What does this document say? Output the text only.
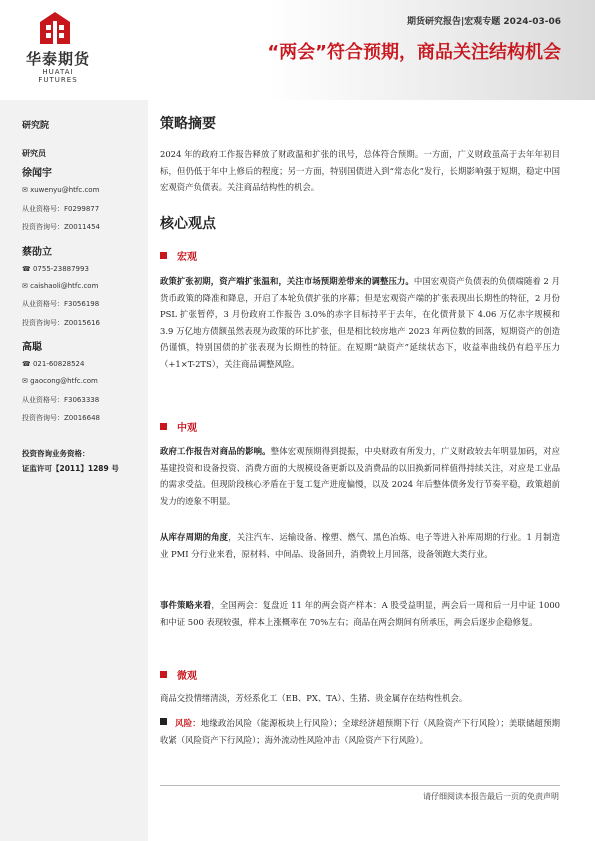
华泰期货
HUATAI FUTURES
期货研究报告|宏观专题 2024-03-06
“两会”符合预期，商品关注结构机会
研究院
研究员
徐闻宇
✉ xuwenyu@htfc.com
从业资格号：F0299877
投资咨询号：Z0011454
蔡劭立
☎ 0755-23887993
✉ caishaoli@htfc.com
从业资格号：F3056198
投资咨询号：Z0015616
高聪
☎ 021-60828524
✉ gaocong@htfc.com
从业资格号：F3063338
投资咨询号：Z0016648
投资咨询业务资格：
证监许可【2011】1289 号
策略摘要

2024 年的政府工作报告释放了财政温和扩张的讯号，总体符合预期。一方面，广义财政虽高于去年年初目标，但仍低于年中上修后的程度；另一方面，特别国债进入到“常态化”发行，长期影响强于短期，稳定中国宏观资产负债表。关注商品结构性的机会。

核心观点
宏观

政策扩张初期，资产端扩张温和，关注市场预期差带来的调整压力。中国宏观资产负债表的负债端随着 2 月货币政策的降准和降息，开启了本轮负债扩张的序幕；但是宏观资产端的扩张表现出长期性的特征，2 月份 PSL 扩张暂停，3 月份政府工作报告 3.0%的赤字目标持平于去年，在化债背景下 4.06 万亿赤字规模和 3.9 万亿地方债额虽然表现为政策的环比扩张，但是相比较房地产 2023 年两位数的回落，短期资产的创造仍谨慎，特别国债的扩张表现为长期性的特征。在短期“缺资产”延续状态下，收益率曲线仍有趋平压力（+1×T-2TS），关注商品调整风险。

中观

政府工作报告对商品的影响。整体宏观预期得到提振，中央财政有所发力，广义财政较去年明显加码，对应基建投资和设备投资、消费方面的大规模设备更新以及消费品的以旧换新同样值得持续关注，对应是工业品的需求受益。但现阶段核心矛盾在于复工复产进度偏慢，以及 2024 年后整体债务发行节奏平稳，政策超前发力的迹象不明显。

从库存周期的角度，关注汽车、运输设备、橡塑、燃气、黑色冶炼、电子等进入补库周期的行业。1 月制造业 PMI 分行业来看，原材料、中间品、设备回升，消费较上月回落，设备领跑大类行业。

事件策略来看，全国两会：复盘近 11 年的两会资产样本：A 股受益明显，两会后一周和后一月中证 1000 和中证 500 表现较强，样本上涨概率在 70%左右；商品在两会期间有所承压，两会后逐步企稳修复。

微观

商品交投情绪清淡，芳烃系化工（EB、PX、TA）、生猪、贵金属存在结构性机会。

风险：地缘政治风险（能源板块上行风险）；全球经济超预期下行（风险资产下行风险）；美联储超预期收紧（风险资产下行风险）；海外流动性风险冲击（风险资产下行风险）。

请仔细阅读本报告最后一页的免责声明
